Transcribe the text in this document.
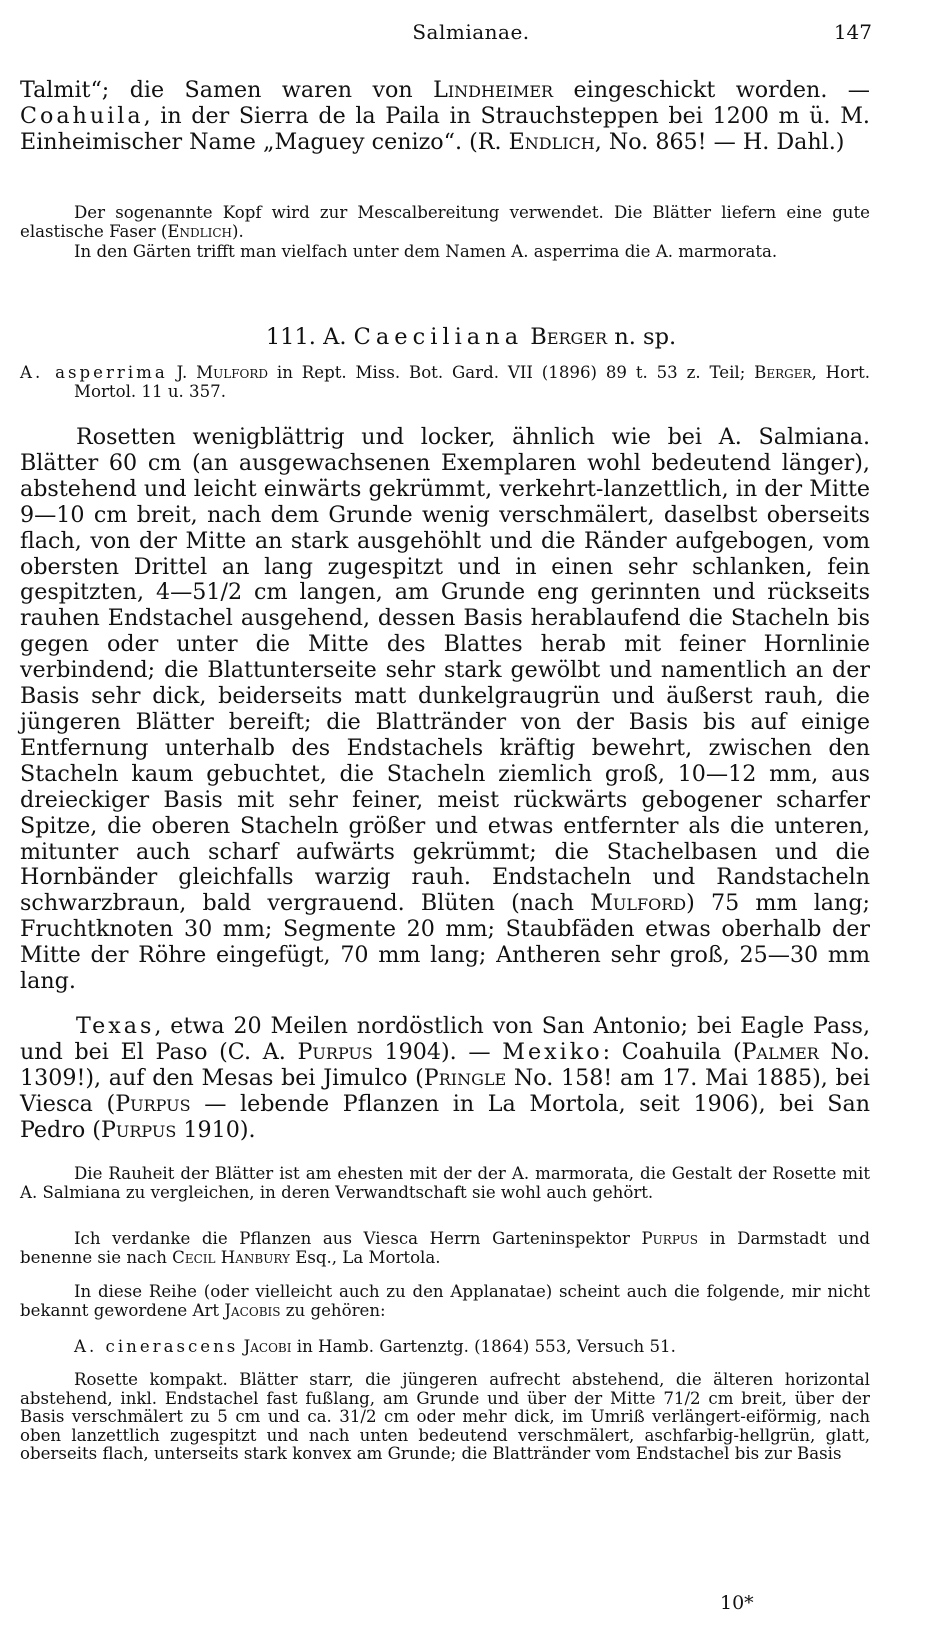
Salmianae.	147

Talmit“; die Samen waren von Lindheimer eingeschickt worden. — Coahuila, in der Sierra de la Paila in Strauchsteppen bei 1200 m ü. M. Einheimischer Name „Maguey cenizo“. (R. Endlich, No. 865! — H. Dahl.)

Der sogenannte Kopf wird zur Mescalbereitung verwendet. Die Blätter liefern eine gute elastische Faser (Endlich).

In den Gärten trifft man vielfach unter dem Namen A. asperrima die A. marmorata.

111. A. Caeciliana Berger n. sp.

A. asperrima J. Mulford in Rept. Miss. Bot. Gard. VII (1896) 89 t. 53 z. Teil; Berger, Hort. Mortol. 11 u. 357.

Rosetten wenigblättrig und locker, ähnlich wie bei A. Salmiana. Blätter 60 cm (an ausgewachsenen Exemplaren wohl bedeutend länger), abstehend und leicht einwärts gekrümmt, verkehrt-lanzettlich, in der Mitte 9—10 cm breit, nach dem Grunde wenig verschmälert, daselbst oberseits flach, von der Mitte an stark ausgehöhlt und die Ränder aufgebogen, vom obersten Drittel an lang zugespitzt und in einen sehr schlanken, fein gespitzten, 4—51/2 cm langen, am Grunde eng gerinnten und rückseits rauhen Endstachel ausgehend, dessen Basis herablaufend die Stacheln bis gegen oder unter die Mitte des Blattes herab mit feiner Hornlinie verbindend; die Blattunterseite sehr stark gewölbt und namentlich an der Basis sehr dick, beiderseits matt dunkelgraugrün und äußerst rauh, die jüngeren Blätter bereift; die Blattränder von der Basis bis auf einige Entfernung unterhalb des Endstachels kräftig bewehrt, zwischen den Stacheln kaum gebuchtet, die Stacheln ziemlich groß, 10—12 mm, aus dreieckiger Basis mit sehr feiner, meist rückwärts gebogener scharfer Spitze, die oberen Stacheln größer und etwas entfernter als die unteren, mitunter auch scharf aufwärts gekrümmt; die Stachelbasen und die Hornbänder gleichfalls warzig rauh. Endstacheln und Randstacheln schwarzbraun, bald vergrauend. Blüten (nach Mulford) 75 mm lang; Fruchtknoten 30 mm; Segmente 20 mm; Staubfäden etwas oberhalb der Mitte der Röhre eingefügt, 70 mm lang; Antheren sehr groß, 25—30 mm lang.

Texas, etwa 20 Meilen nordöstlich von San Antonio; bei Eagle Pass, und bei El Paso (C. A. Purpus 1904). — Mexiko: Coahuila (Palmer No. 1309!), auf den Mesas bei Jimulco (Pringle No. 158! am 17. Mai 1885), bei Viesca (Purpus — lebende Pflanzen in La Mortola, seit 1906), bei San Pedro (Purpus 1910).

Die Rauheit der Blätter ist am ehesten mit der der A. marmorata, die Gestalt der Rosette mit A. Salmiana zu vergleichen, in deren Verwandtschaft sie wohl auch gehört.

Ich verdanke die Pflanzen aus Viesca Herrn Garteninspektor Purpus in Darmstadt und benenne sie nach Cecil Hanbury Esq., La Mortola.

In diese Reihe (oder vielleicht auch zu den Applanatae) scheint auch die folgende, mir nicht bekannt gewordene Art Jacobis zu gehören:

A. cinerascens Jacobi in Hamb. Gartenztg. (1864) 553, Versuch 51.

Rosette kompakt. Blätter starr, die jüngeren aufrecht abstehend, die älteren horizontal abstehend, inkl. Endstachel fast fußlang, am Grunde und über der Mitte 71/2 cm breit, über der Basis verschmälert zu 5 cm und ca. 31/2 cm oder mehr dick, im Umriß verlängert-eiförmig, nach oben lanzettlich zugespitzt und nach unten bedeutend verschmälert, aschfarbig-hellgrün, glatt, oberseits flach, unterseits stark konvex am Grunde; die Blattränder vom Endstachel bis zur Basis

10*
